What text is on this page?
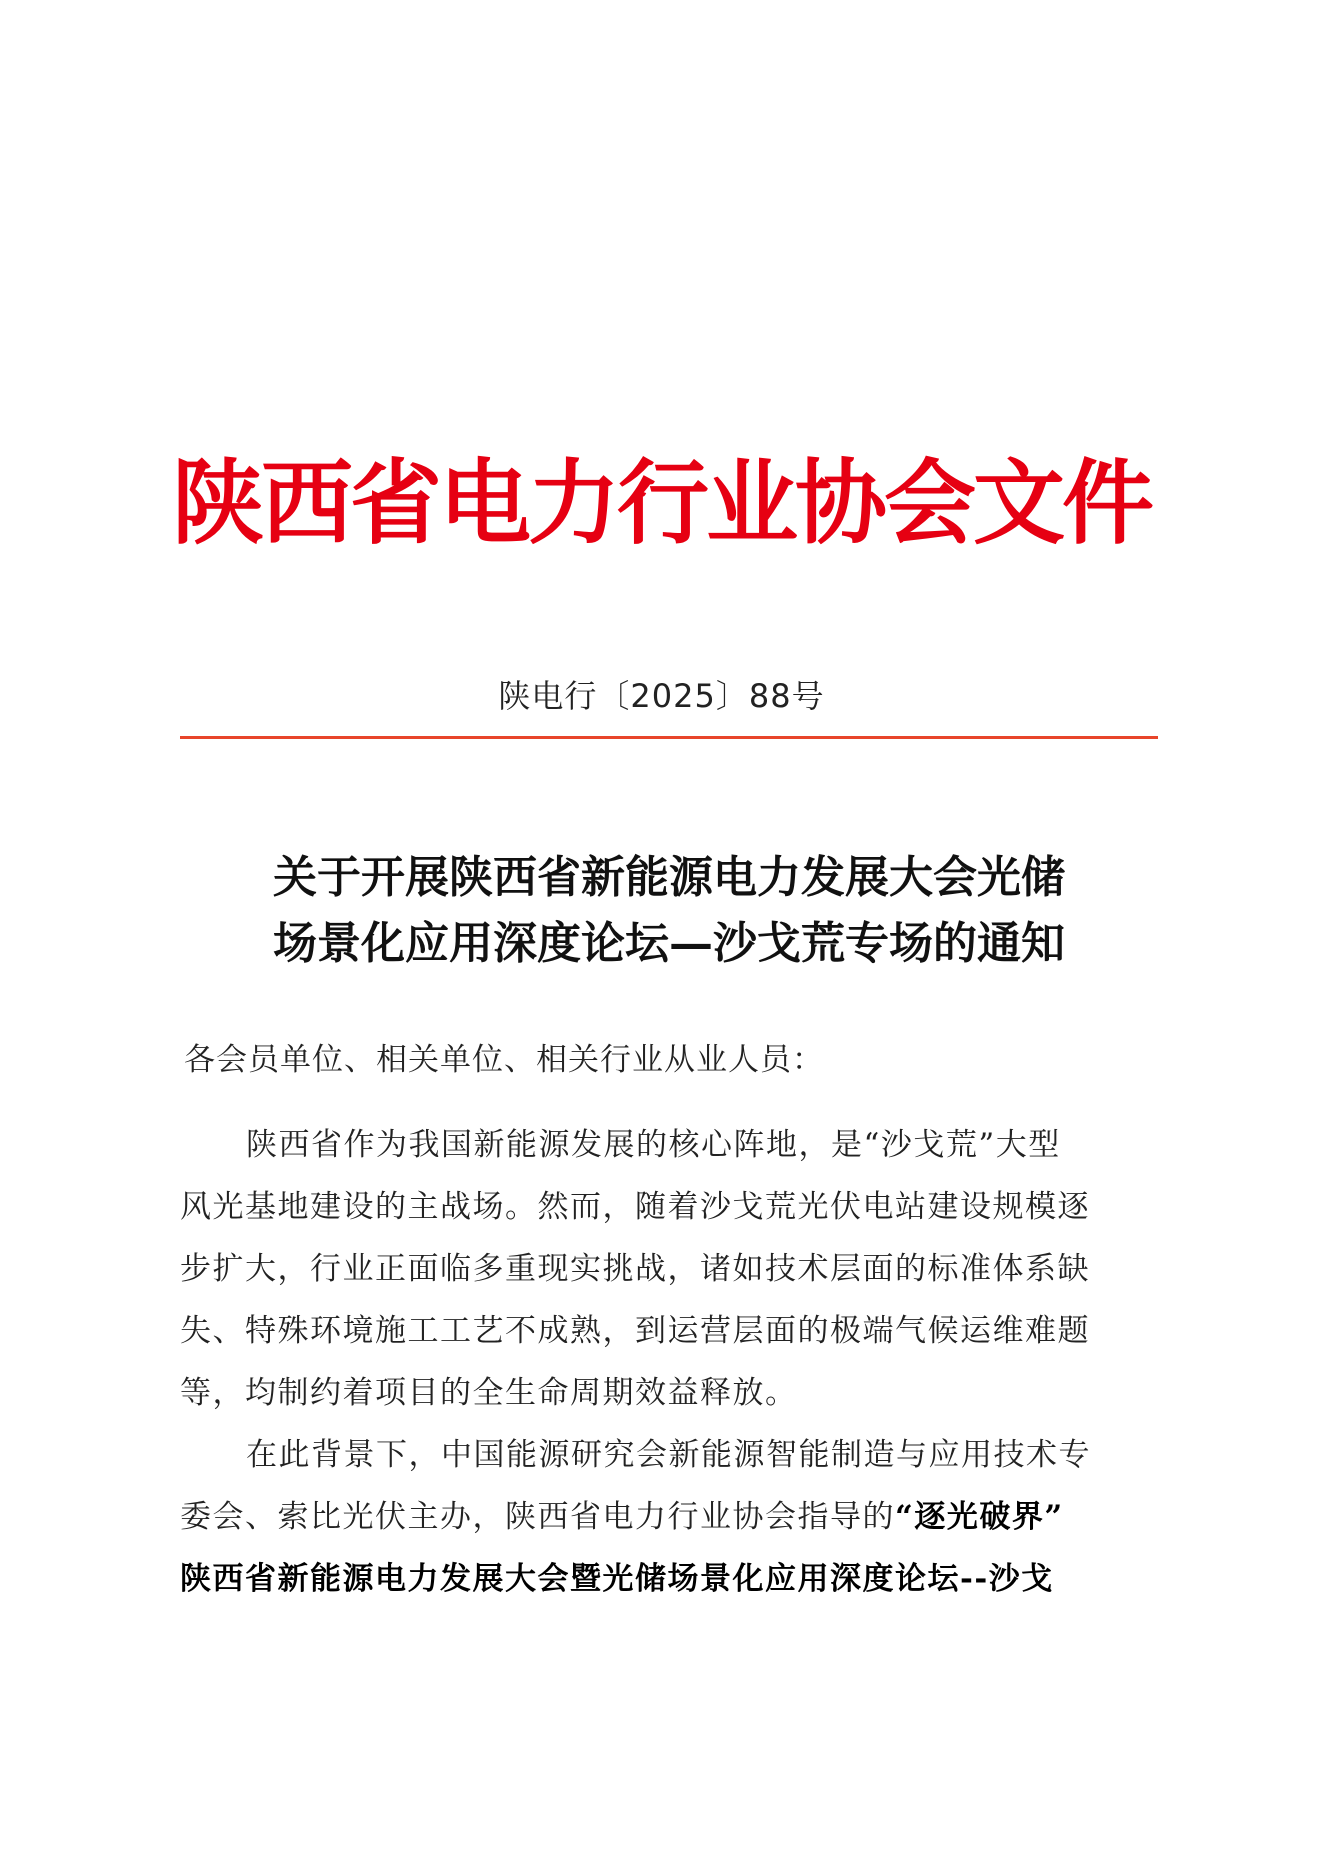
陕西省电力行业协会文件
陕电行〔2025〕88号
关于开展陕西省新能源电力发展大会光储
场景化应用深度论坛—沙戈荒专场的通知
各会员单位、相关单位、相关行业从业人员：
陕西省作为我国新能源发展的核心阵地，是“沙戈荒”大型
风光基地建设的主战场。然而，随着沙戈荒光伏电站建设规模逐
步扩大，行业正面临多重现实挑战，诸如技术层面的标准体系缺
失、特殊环境施工工艺不成熟，到运营层面的极端气候运维难题
等，均制约着项目的全生命周期效益释放。
在此背景下，中国能源研究会新能源智能制造与应用技术专
委会、索比光伏主办，陕西省电力行业协会指导的“逐光破界”
陕西省新能源电力发展大会暨光储场景化应用深度论坛--沙戈
